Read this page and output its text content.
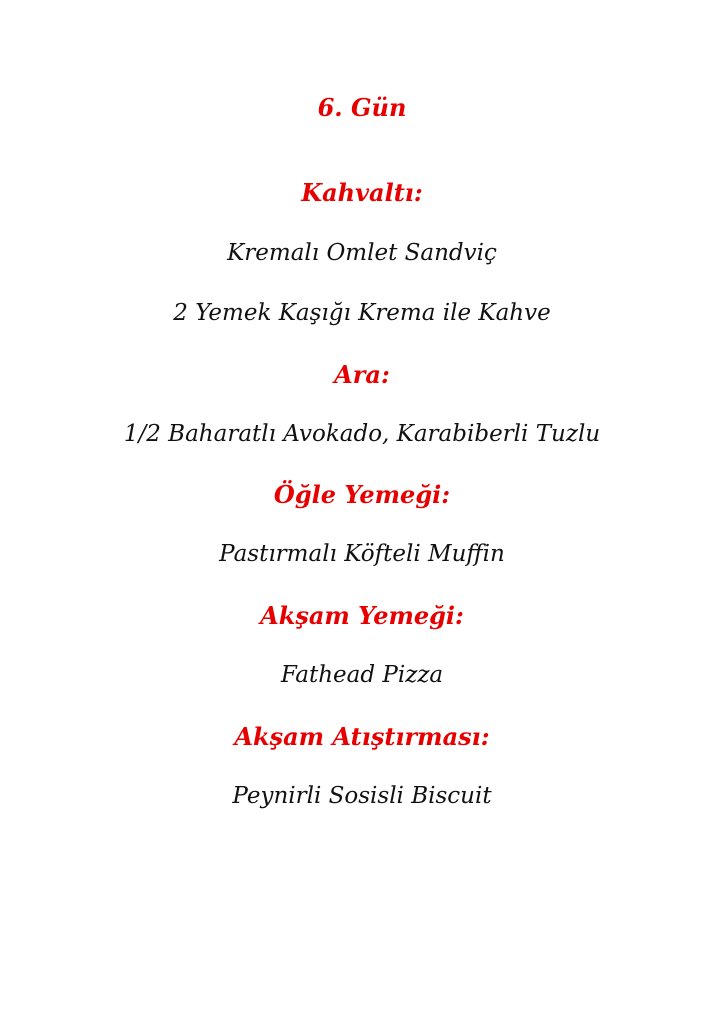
6. Gün
Kahvaltı:
Kremalı Omlet Sandviç
2 Yemek Kaşığı Krema ile Kahve
Ara:
1/2 Baharatlı Avokado, Karabiberli Tuzlu
Öğle Yemeği:
Pastırmalı Köfteli Muffin
Akşam Yemeği:
Fathead Pizza
Akşam Atıştırması:
Peynirli Sosisli Biscuit
